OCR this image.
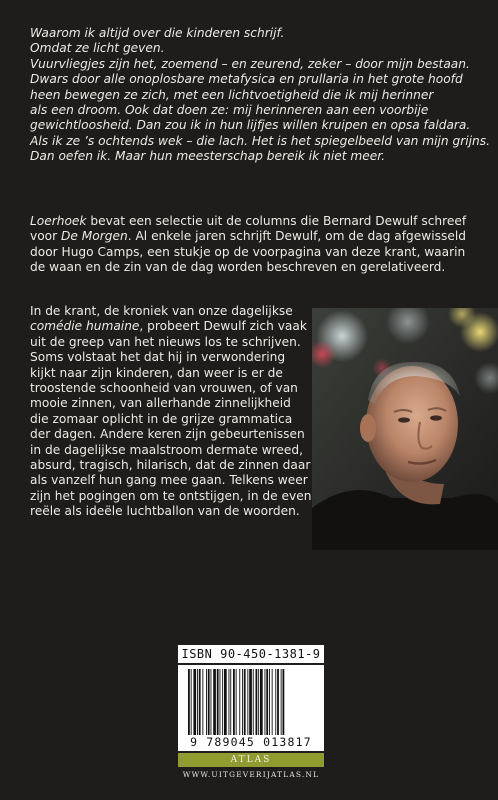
Waarom ik altijd over die kinderen schrijf.
Omdat ze licht geven.
Vuurvliegjes zijn het, zoemend – en zeurend, zeker – door mijn bestaan.
Dwars door alle onoplosbare metafysica en prullaria in het grote hoofd
heen bewegen ze zich, met een lichtvoetigheid die ik mij herinner
als een droom. Ook dat doen ze: mij herinneren aan een voorbije
gewichtloosheid. Dan zou ik in hun lijfjes willen kruipen en opsa faldara.
Als ik ze ’s ochtends wek – die lach. Het is het spiegelbeeld van mijn grijns.
Dan oefen ik. Maar hun meesterschap bereik ik niet meer.
Loerhoek bevat een selectie uit de columns die Bernard Dewulf schreef
voor De Morgen. Al enkele jaren schrijft Dewulf, om de dag afgewisseld
door Hugo Camps, een stukje op de voorpagina van deze krant, waarin
de waan en de zin van de dag worden beschreven en gerelativeerd.
In de krant, de kroniek van onze dagelijkse
comédie humaine, probeert Dewulf zich vaak
uit de greep van het nieuws los te schrijven.
Soms volstaat het dat hij in verwondering
kijkt naar zijn kinderen, dan weer is er de
troostende schoonheid van vrouwen, of van
mooie zinnen, van allerhande zinnelijkheid
die zomaar oplicht in de grijze grammatica
der dagen. Andere keren zijn gebeurtenissen
in de dagelijkse maalstroom dermate wreed,
absurd, tragisch, hilarisch, dat de zinnen daar
als vanzelf hun gang mee gaan. Telkens weer
zijn het pogingen om te ontstijgen, in de even
reële als ideële luchtballon van de woorden.
ISBN 90-450-1381-9
9 789045 013817
ATLAS
WWW.UITGEVERIJATLAS.NL
